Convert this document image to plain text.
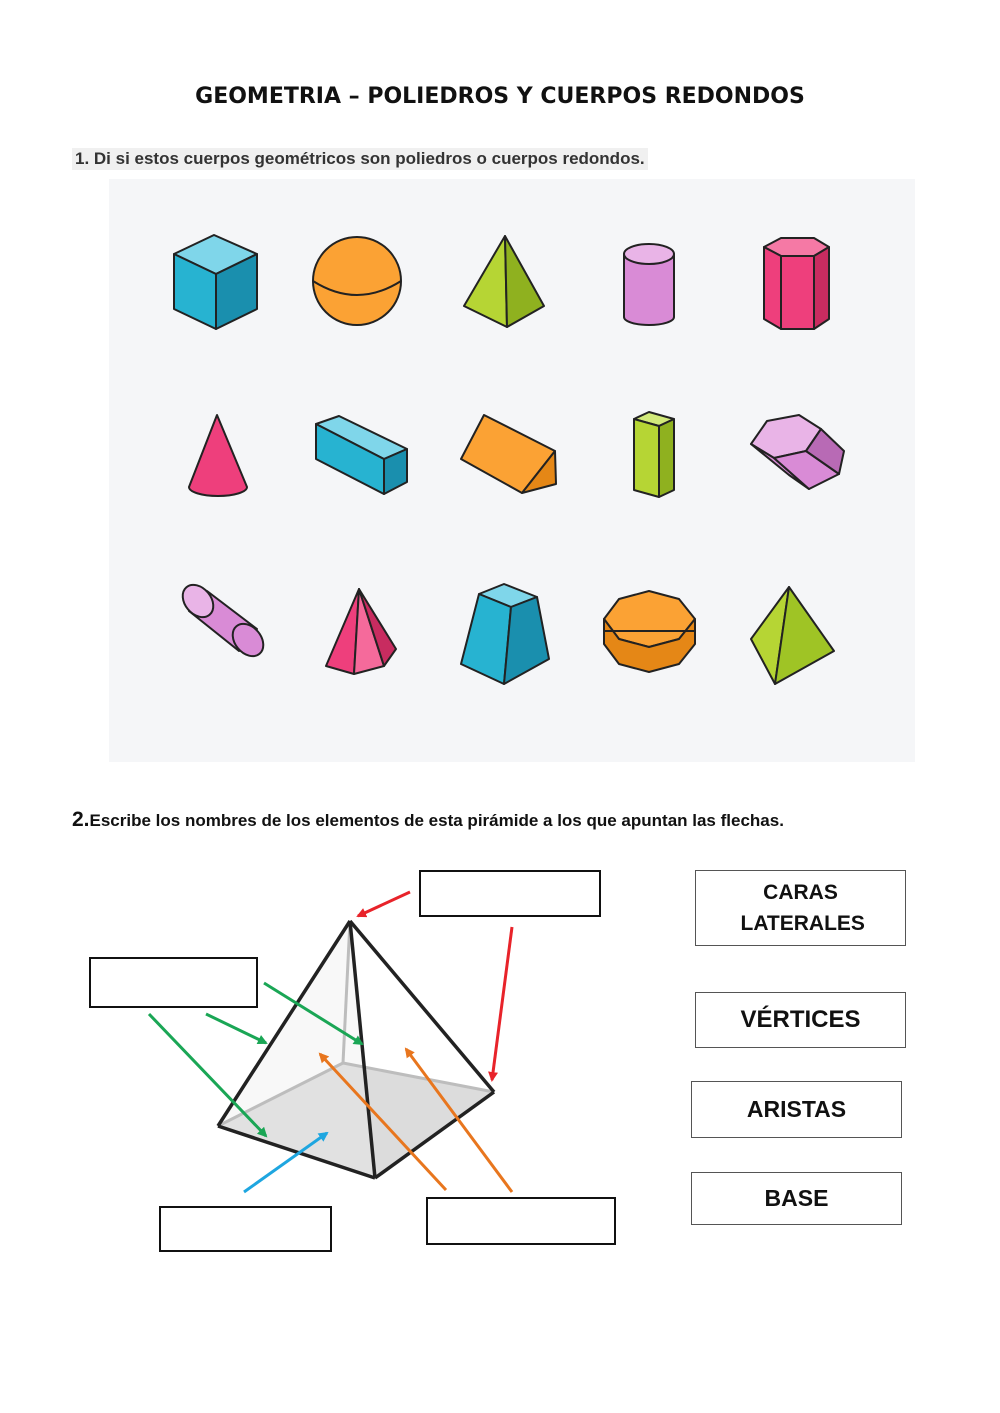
GEOMETRIA – POLIEDROS Y CUERPOS REDONDOS
1. Di si estos cuerpos geométricos son poliedros o cuerpos redondos.
2.Escribe los nombres de los elementos de esta pirámide a los que apuntan las flechas.
CARAS LATERALES
VÉRTICES
ARISTAS
BASE
